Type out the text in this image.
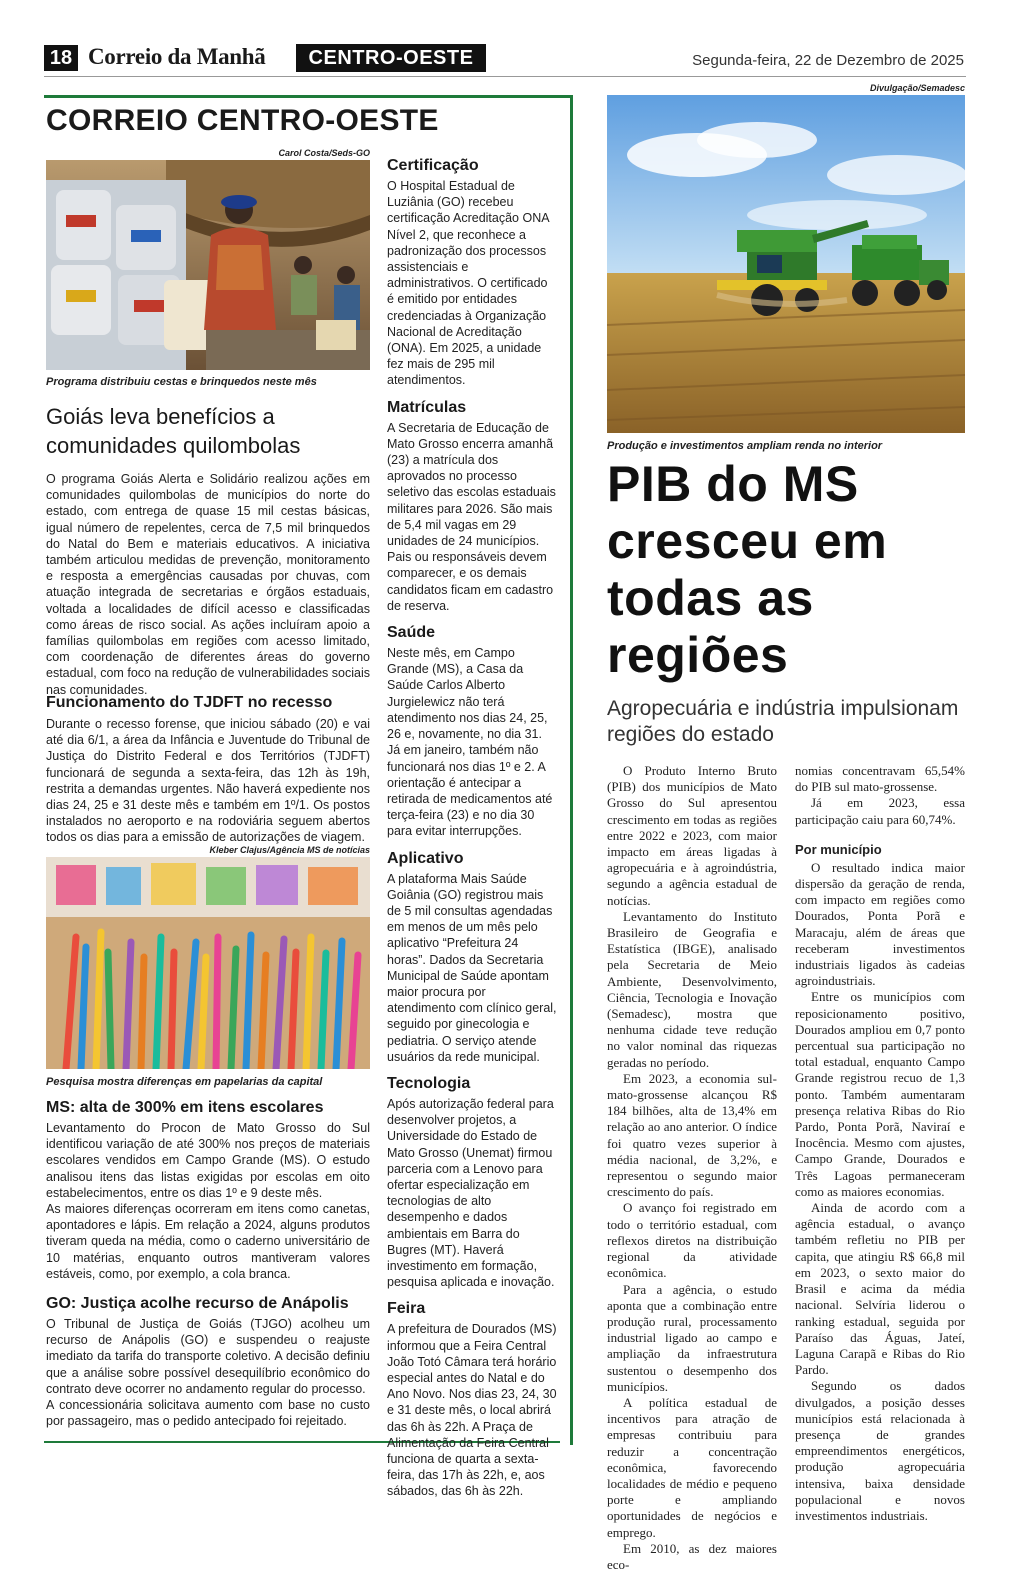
18 Correio da Manhã	CENTRO-OESTE	Segunda-feira, 22 de Dezembro de 2025
CORREIO CENTRO-OESTE
Carol Costa/Seds-GO
Programa distribuiu cestas e brinquedos neste mês
Goiás leva benefícios a comunidades quilombolas

O programa Goiás Alerta e Solidário realizou ações em comunidades quilombolas de municípios do norte do estado, com entrega de quase 15 mil cestas básicas, igual número de repelentes, cerca de 7,5 mil brinquedos do Natal do Bem e materiais educativos. A iniciativa também articulou medidas de prevenção, monitoramento e resposta a emergências causadas por chuvas, com atuação integrada de secretarias e órgãos estaduais, voltada a localidades de difícil acesso e classificadas como áreas de risco social. As ações incluíram apoio a famílias quilombolas em regiões com acesso limitado, com coordenação de diferentes áreas do governo estadual, com foco na redução de vulnerabilidades sociais nas comunidades.

Funcionamento do TJDFT no recesso

Durante o recesso forense, que iniciou sábado (20) e vai até dia 6/1, a área da Infância e Juventude do Tribunal de Justiça do Distrito Federal e dos Territórios (TJDFT) funcionará de segunda a sexta-feira, das 12h às 19h, restrita a demandas urgentes. Não haverá expediente nos dias 24, 25 e 31 deste mês e também em 1º/1. Os postos instalados no aeroporto e na rodoviária seguem abertos todos os dias para a emissão de autorizações de viagem.

Kleber Clajus/Agência MS de notícias
Pesquisa mostra diferenças em papelarias da capital
MS: alta de 300% em itens escolares

Levantamento do Procon de Mato Grosso do Sul identificou variação de até 300% nos preços de materiais escolares vendidos em Campo Grande (MS). O estudo analisou itens das listas exigidas por escolas em oito estabelecimentos, entre os dias 1º e 9 deste mês.

As maiores diferenças ocorreram em itens como canetas, apontadores e lápis. Em relação a 2024, alguns produtos tiveram queda na média, como o caderno universitário de 10 matérias, enquanto outros mantiveram valores estáveis, como, por exemplo, a cola branca.

GO: Justiça acolhe recurso de Anápolis

O Tribunal de Justiça de Goiás (TJGO) acolheu um recurso de Anápolis (GO) e suspendeu o reajuste imediato da tarifa do transporte coletivo. A decisão definiu que a análise sobre possível desequilíbrio econômico do contrato deve ocorrer no andamento regular do processo.

A concessionária solicitava aumento com base no custo por passageiro, mas o pedido antecipado foi rejeitado.

Certificação
O Hospital Estadual de Luziânia (GO) recebeu certificação Acreditação ONA Nível 2, que reconhece a padronização dos processos assistenciais e administrativos. O certificado é emitido por entidades credenciadas à Organização Nacional de Acreditação (ONA). Em 2025, a unidade fez mais de 295 mil atendimentos.
Matrículas
A Secretaria de Educação de Mato Grosso encerra amanhã (23) a matrícula dos aprovados no processo seletivo das escolas estaduais militares para 2026. São mais de 5,4 mil vagas em 29 unidades de 24 municípios. Pais ou responsáveis devem comparecer, e os demais candidatos ficam em cadastro de reserva.
Saúde
Neste mês, em Campo Grande (MS), a Casa da Saúde Carlos Alberto Jurgielewicz não terá atendimento nos dias 24, 25, 26 e, novamente, no dia 31. Já em janeiro, também não funcionará nos dias 1º e 2. A orientação é antecipar a retirada de medicamentos até terça-feira (23) e no dia 30 para evitar interrupções.
Aplicativo
A plataforma Mais Saúde Goiânia (GO) registrou mais de 5 mil consultas agendadas em menos de um mês pelo aplicativo “Prefeitura 24 horas”. Dados da Secretaria Municipal de Saúde apontam maior procura por atendimento com clínico geral, seguido por ginecologia e pediatria. O serviço atende usuários da rede municipal.
Tecnologia
Após autorização federal para desenvolver projetos, a Universidade do Estado de Mato Grosso (Unemat) firmou parceria com a Lenovo para ofertar especialização em tecnologias de alto desempenho e dados ambientais em Barra do Bugres (MT). Haverá investimento em formação, pesquisa aplicada e inovação.
Feira
A prefeitura de Dourados (MS) informou que a Feira Central João Totó Câmara terá horário especial antes do Natal e do Ano Novo. Nos dias 23, 24, 30 e 31 deste mês, o local abrirá das 6h às 22h. A Praça de Alimentação da Feira Central funciona de quarta a sexta-feira, das 17h às 22h, e, aos sábados, das 6h às 22h.
Divulgação/Semadesc
Produção e investimentos ampliam renda no interior
PIB do MS cresceu em todas as regiões
Agropecuária e indústria impulsionam regiões do estado

O Produto Interno Bruto (PIB) dos municípios de Mato Grosso do Sul apresentou crescimento em todas as regiões entre 2022 e 2023, com maior impacto em áreas ligadas à agropecuária e à agroindústria, segundo a agência estadual de notícias.

Levantamento do Instituto Brasileiro de Geografia e Estatística (IBGE), analisado pela Secretaria de Meio Ambiente, Desenvolvimento, Ciência, Tecnologia e Inovação (Semadesc), mostra que nenhuma cidade teve redução no valor nominal das riquezas geradas no período.

Em 2023, a economia sul-mato-grossense alcançou R$ 184 bilhões, alta de 13,4% em relação ao ano anterior. O índice foi quatro vezes superior à média nacional, de 3,2%, e representou o segundo maior crescimento do país.

O avanço foi registrado em todo o território estadual, com reflexos diretos na distribuição regional da atividade econômica.

Para a agência, o estudo aponta que a combinação entre produção rural, processamento industrial ligado ao campo e ampliação da infraestrutura sustentou o desempenho dos municípios.

A política estadual de incentivos para atração de empresas contribuiu para reduzir a concentração econômica, favorecendo localidades de médio e pequeno porte e ampliando oportunidades de negócios e emprego.

Em 2010, as dez maiores eco-

nomias concentravam 65,54% do PIB sul mato-grossense.

Já em 2023, essa participação caiu para 60,74%.

Por município

O resultado indica maior dispersão da geração de renda, com impacto em regiões como Dourados, Ponta Porã e Maracaju, além de áreas que receberam investimentos industriais ligados às cadeias agroindustriais.

Entre os municípios com reposicionamento positivo, Dourados ampliou em 0,7 ponto percentual sua participação no total estadual, enquanto Campo Grande registrou recuo de 1,3 ponto. Também aumentaram presença relativa Ribas do Rio Pardo, Ponta Porã, Naviraí e Inocência. Mesmo com ajustes, Campo Grande, Dourados e Três Lagoas permaneceram como as maiores economias.

Ainda de acordo com a agência estadual, o avanço também refletiu no PIB per capita, que atingiu R$ 66,8 mil em 2023, o sexto maior do Brasil e acima da média nacional. Selvíria liderou o ranking estadual, seguida por Paraíso das Águas, Jateí, Laguna Carapã e Ribas do Rio Pardo.

Segundo os dados divulgados, a posição desses municípios está relacionada à presença de grandes empreendimentos energéticos, produção agropecuária intensiva, baixa densidade populacional e novos investimentos industriais.
